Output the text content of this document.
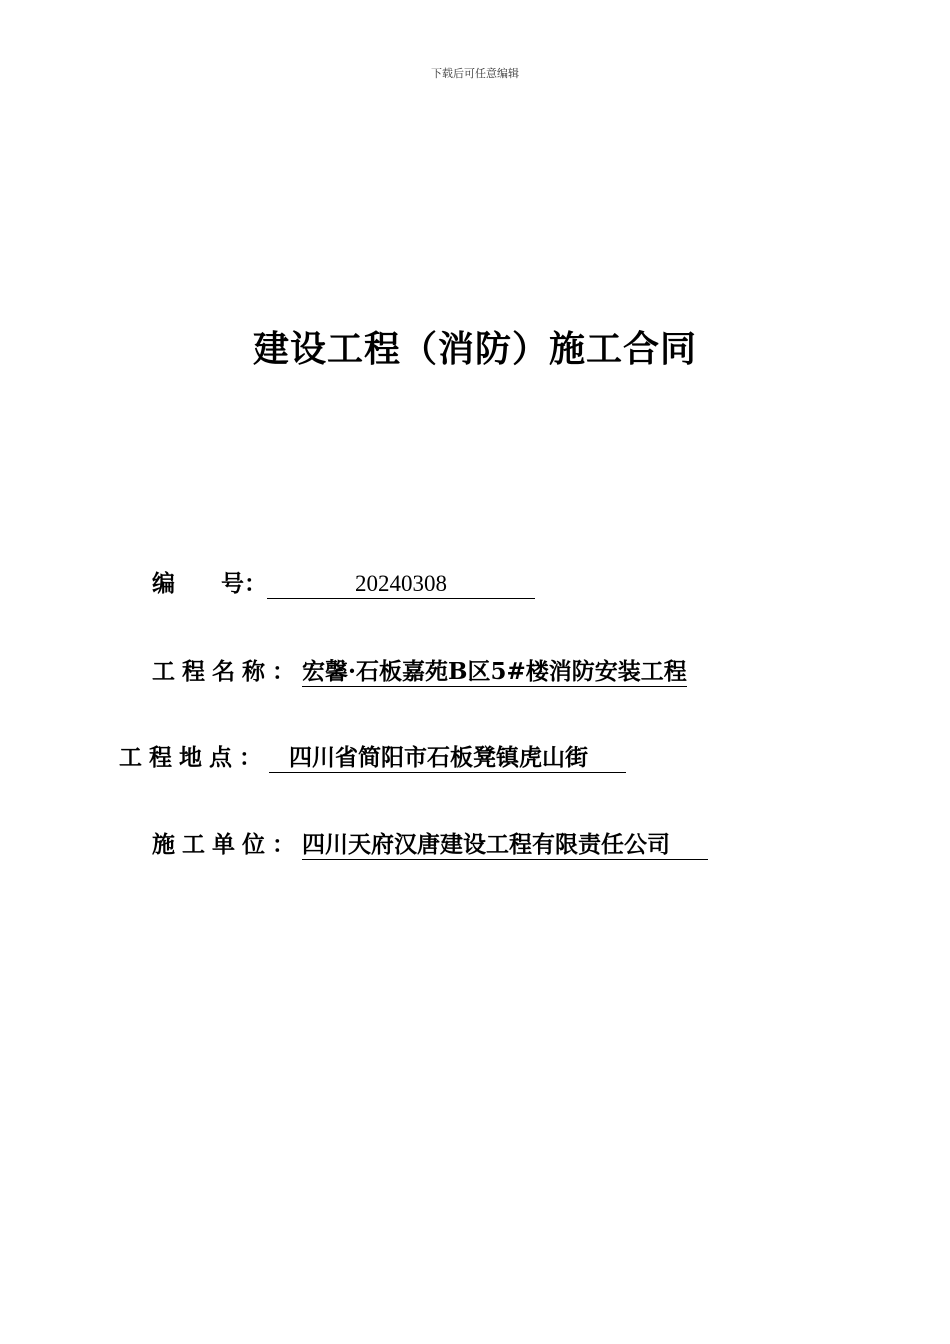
下载后可任意编辑
建设工程（消防）施工合同
编 号：	20240308
工程名称：宏馨·石板嘉苑B区5#楼消防安装工程
工程地点： 四川省简阳市石板凳镇虎山街
施工单位：四川天府汉唐建设工程有限责任公司
